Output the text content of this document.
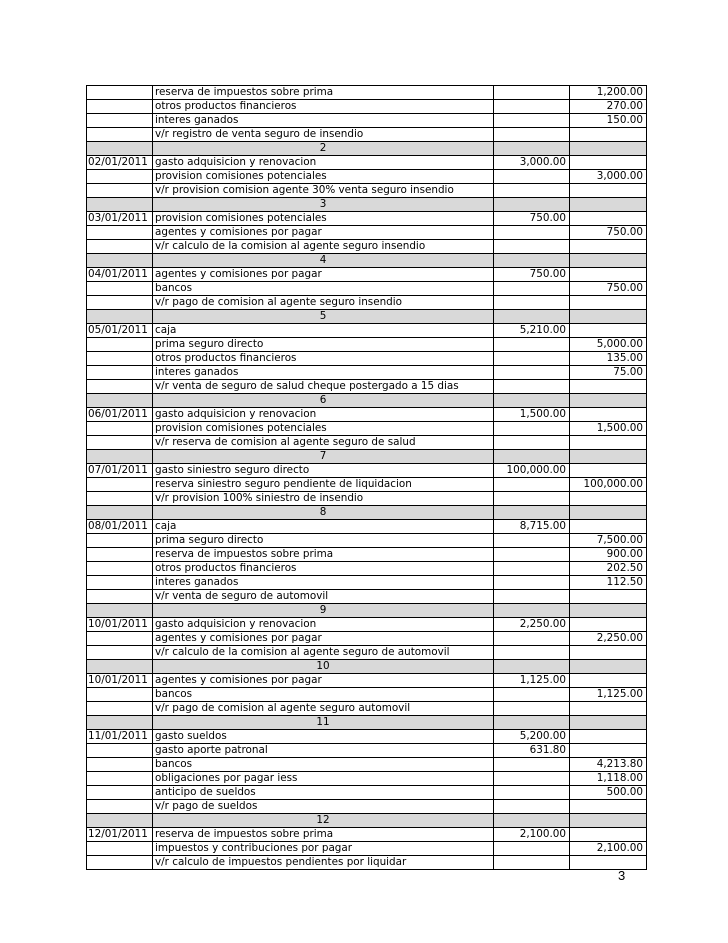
	reserva de impuestos sobre prima		1,200.00
	otros productos financieros		270.00
	interes ganados		150.00
	v/r registro de venta seguro de insendio		
	2		
02/01/2011	gasto adquisicion y renovacion	3,000.00	
	provision comisiones potenciales		3,000.00
	v/r provision comision agente 30% venta seguro insendio		
	3		
03/01/2011	provision comisiones potenciales	750.00	
	agentes y comisiones por pagar		750.00
	v/r calculo de la comision al agente seguro insendio		
	4		
04/01/2011	agentes y comisiones por pagar	750.00	
	bancos		750.00
	v/r pago de comision al agente seguro insendio		
	5		
05/01/2011	caja	5,210.00	
	prima seguro directo		5,000.00
	otros productos financieros		135.00
	interes ganados		75.00
	v/r venta de seguro de salud cheque postergado a 15 dias		
	6		
06/01/2011	gasto adquisicion y renovacion	1,500.00	
	provision comisiones potenciales		1,500.00
	v/r reserva de comision al agente seguro de salud		
	7		
07/01/2011	gasto siniestro seguro directo	100,000.00	
	reserva siniestro seguro pendiente de liquidacion		100,000.00
	v/r provision 100% siniestro de insendio		
	8		
08/01/2011	caja	8,715.00	
	prima seguro directo		7,500.00
	reserva de impuestos sobre prima		900.00
	otros productos financieros		202.50
	interes ganados		112.50
	v/r venta de seguro de automovil		
	9		
10/01/2011	gasto adquisicion y renovacion	2,250.00	
	agentes y comisiones por pagar		2,250.00
	v/r calculo de la comision al agente seguro de automovil		
	10		
10/01/2011	agentes y comisiones por pagar	1,125.00	
	bancos		1,125.00
	v/r pago de comision al agente seguro automovil		
	11		
11/01/2011	gasto sueldos	5,200.00	
	gasto aporte patronal	631.80	
	bancos		4,213.80
	obligaciones por pagar iess		1,118.00
	anticipo de sueldos		500.00
	v/r pago de sueldos		
	12		
12/01/2011	reserva de impuestos sobre prima	2,100.00	
	impuestos y contribuciones por pagar		2,100.00
	v/r calculo de impuestos pendientes por liquidar		
3
